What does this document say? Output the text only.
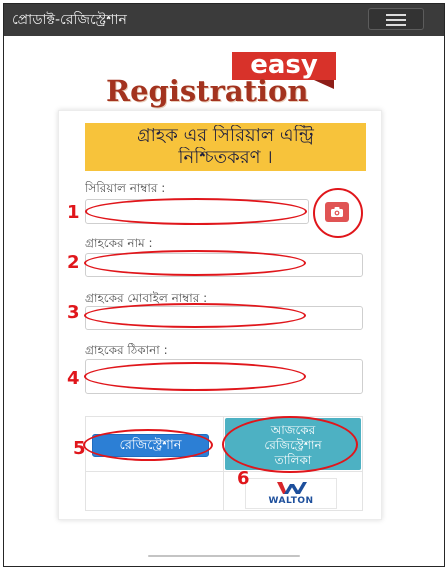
প্রোডাক্ট-রেজিস্ট্রেশান
easy
Registration
গ্রাহক এর সিরিয়াল এন্ট্রি
নিশ্চিতকরণ ।
সিরিয়াল নাম্বার :
গ্রাহকের নাম :
গ্রাহকের মোবাইল নাম্বার :
গ্রাহকের ঠিকানা :
রেজিস্ট্রেশান
আজকের
রেজিস্ট্রেশান
তালিকা
WALTON
1
2
3
4
5
6
